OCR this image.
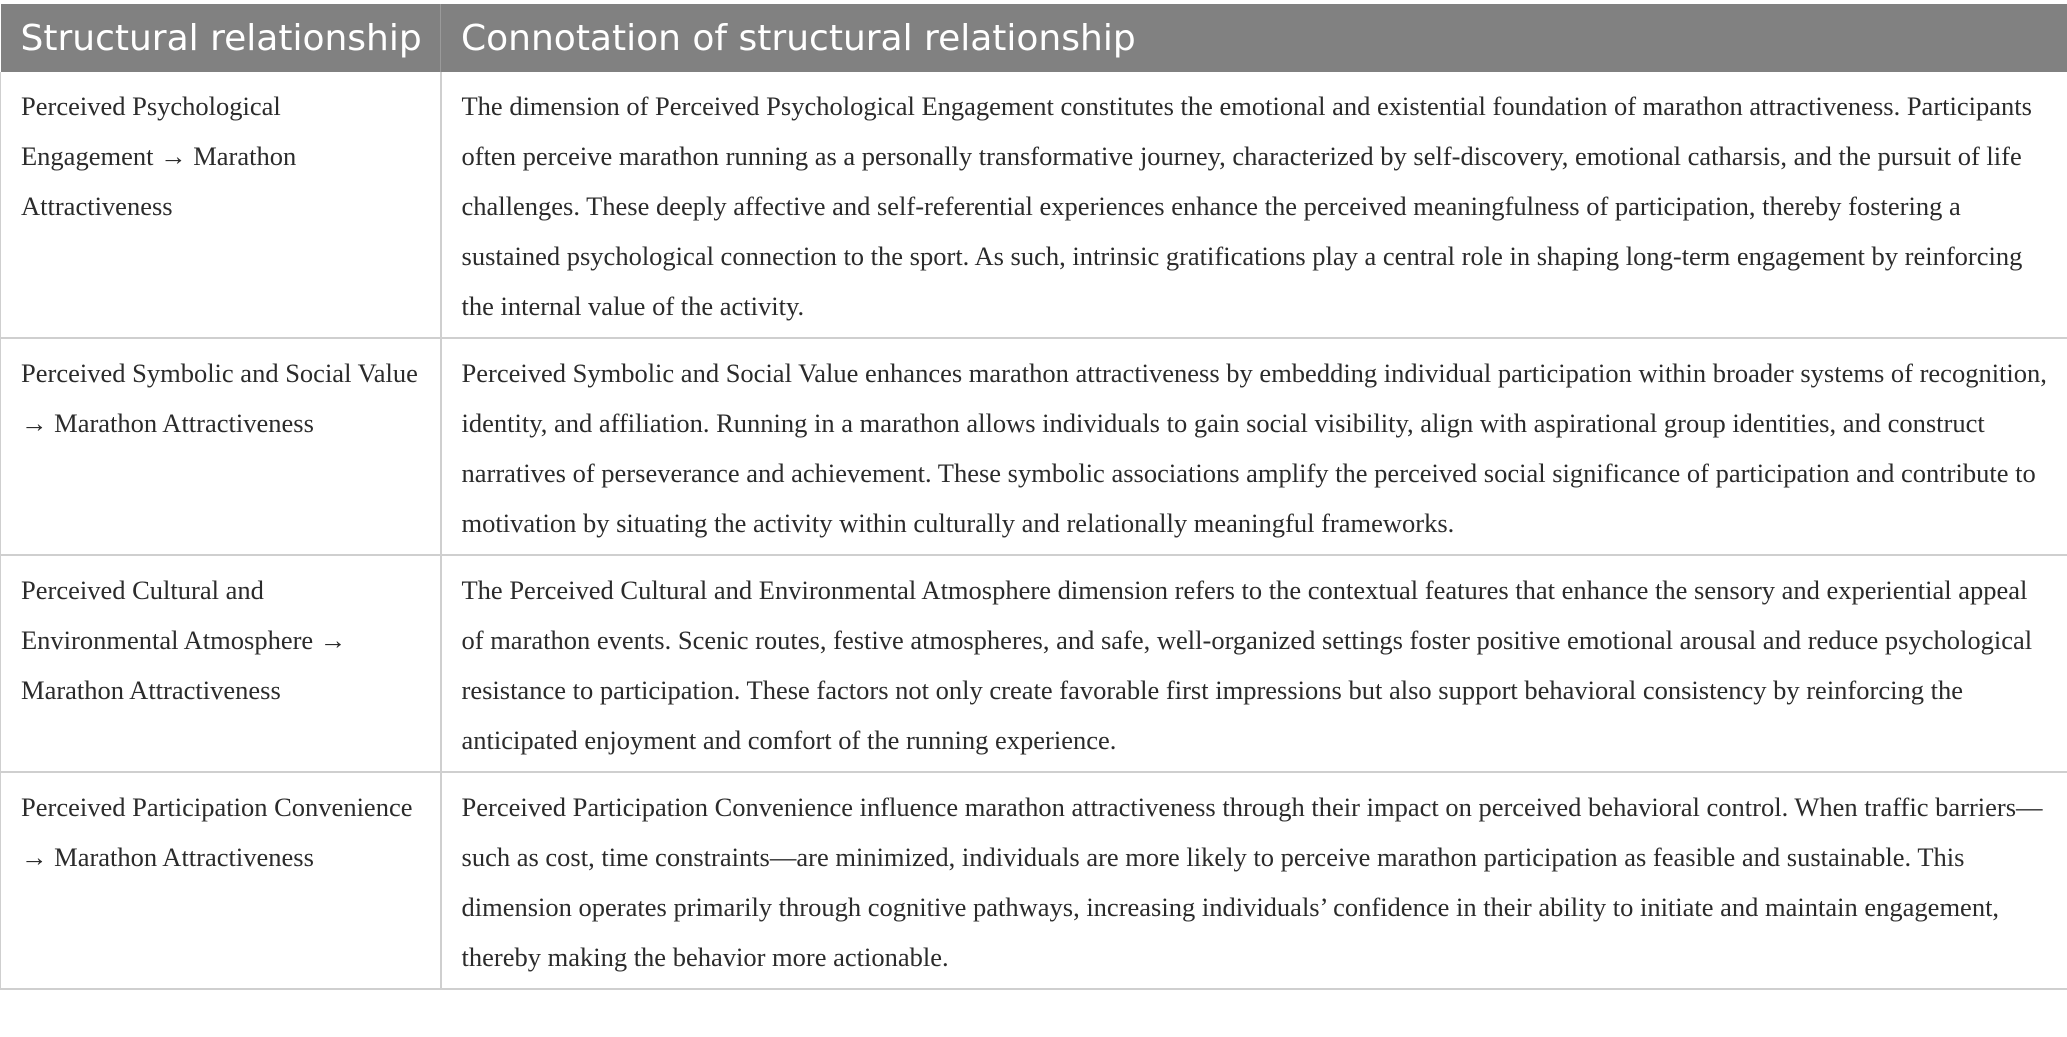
Structural relationship	Connotation of structural relationship
Perceived Psychological Engagement → Marathon Attractiveness	The dimension of Perceived Psychological Engagement constitutes the emotional and existential foundation of marathon attractiveness. Participants often perceive marathon running as a personally transformative journey, characterized by self-discovery, emotional catharsis, and the pursuit of life challenges. These deeply affective and self-referential experiences enhance the perceived meaningfulness of participation, thereby fostering a sustained psychological connection to the sport. As such, intrinsic gratifications play a central role in shaping long-term engagement by reinforcing the internal value of the activity.
Perceived Symbolic and Social Value → Marathon Attractiveness	Perceived Symbolic and Social Value enhances marathon attractiveness by embedding individual participation within broader systems of recognition, identity, and affiliation. Running in a marathon allows individuals to gain social visibility, align with aspirational group identities, and construct narratives of perseverance and achievement. These symbolic associations amplify the perceived social significance of participation and contribute to motivation by situating the activity within culturally and relationally meaningful frameworks.
Perceived Cultural and Environmental Atmosphere → Marathon Attractiveness	The Perceived Cultural and Environmental Atmosphere dimension refers to the contextual features that enhance the sensory and experiential appeal of marathon events. Scenic routes, festive atmospheres, and safe, well-organized settings foster positive emotional arousal and reduce psychological resistance to participation. These factors not only create favorable first impressions but also support behavioral consistency by reinforcing the anticipated enjoyment and comfort of the running experience.
Perceived Participation Convenience → Marathon Attractiveness	Perceived Participation Convenience influence marathon attractiveness through their impact on perceived behavioral control. When traffic barriers—such as cost, time constraints—are minimized, individuals are more likely to perceive marathon participation as feasible and sustainable. This dimension operates primarily through cognitive pathways, increasing individuals’ confidence in their ability to initiate and maintain engagement, thereby making the behavior more actionable.
